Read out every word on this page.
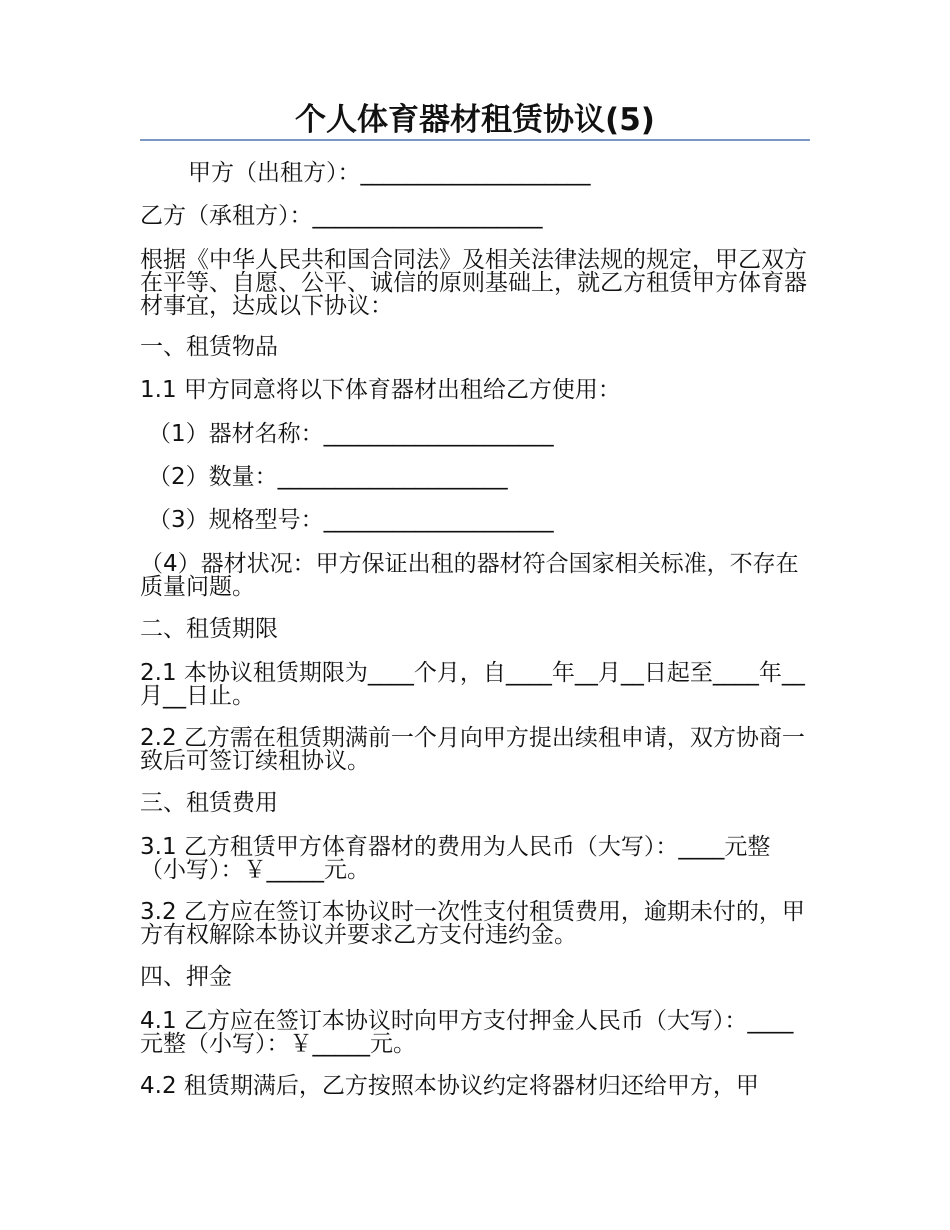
个人体育器材租赁协议(5)
甲方（出租方）：____________________
乙方（承租方）：____________________
根据《中华人民共和国合同法》及相关法律法规的规定，甲乙双方在平等、自愿、公平、诚信的原则基础上，就乙方租赁甲方体育器材事宜，达成以下协议：
一、租赁物品
1.1 甲方同意将以下体育器材出租给乙方使用：
（1）器材名称：____________________
（2）数量：____________________
（3）规格型号：____________________
（4）器材状况：甲方保证出租的器材符合国家相关标准，不存在质量问题。
二、租赁期限
2.1 本协议租赁期限为____个月，自____年__月__日起至____年__月__日止。
2.2 乙方需在租赁期满前一个月向甲方提出续租申请，双方协商一致后可签订续租协议。
三、租赁费用
3.1 乙方租赁甲方体育器材的费用为人民币（大写）：____元整（小写）：￥_____元。
3.2 乙方应在签订本协议时一次性支付租赁费用，逾期未付的，甲方有权解除本协议并要求乙方支付违约金。
四、押金
4.1 乙方应在签订本协议时向甲方支付押金人民币（大写）：____元整（小写）：￥_____元。
4.2 租赁期满后，乙方按照本协议约定将器材归还给甲方，甲
